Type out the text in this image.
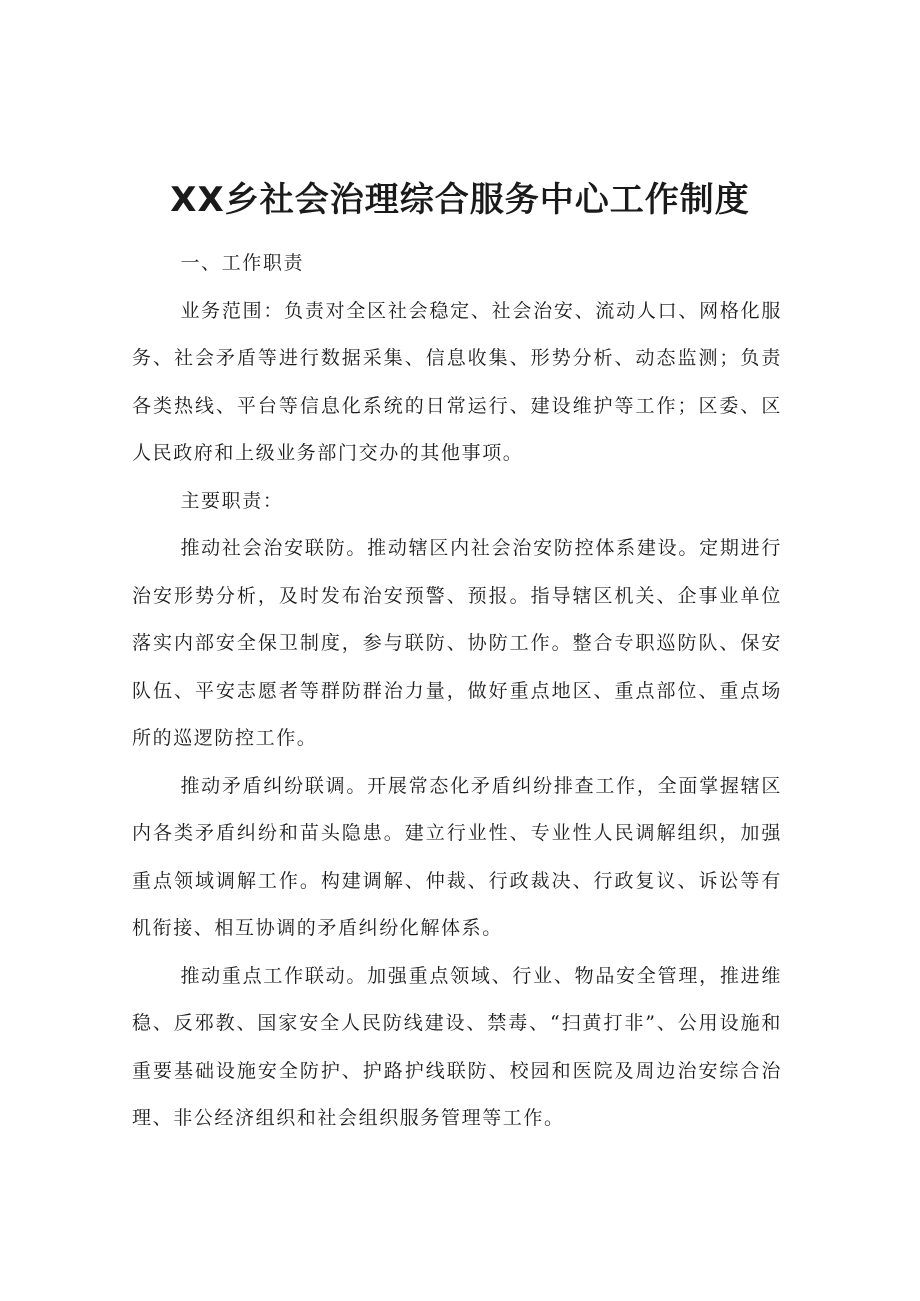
XX乡社会治理综合服务中心工作制度

一、工作职责

业务范围：负责对全区社会稳定、社会治安、流动人口、网格化服务、社会矛盾等进行数据采集、信息收集、形势分析、动态监测；负责各类热线、平台等信息化系统的日常运行、建设维护等工作；区委、区人民政府和上级业务部门交办的其他事项。

主要职责：

推动社会治安联防。推动辖区内社会治安防控体系建设。定期进行治安形势分析，及时发布治安预警、预报。指导辖区机关、企事业单位落实内部安全保卫制度，参与联防、协防工作。整合专职巡防队、保安队伍、平安志愿者等群防群治力量，做好重点地区、重点部位、重点场所的巡逻防控工作。

推动矛盾纠纷联调。开展常态化矛盾纠纷排查工作，全面掌握辖区内各类矛盾纠纷和苗头隐患。建立行业性、专业性人民调解组织，加强重点领域调解工作。构建调解、仲裁、行政裁决、行政复议、诉讼等有机衔接、相互协调的矛盾纠纷化解体系。

推动重点工作联动。加强重点领域、行业、物品安全管理，推进维稳、反邪教、国家安全人民防线建设、禁毒、“扫黄打非”、公用设施和重要基础设施安全防护、护路护线联防、校园和医院及周边治安综合治理、非公经济组织和社会组织服务管理等工作。
